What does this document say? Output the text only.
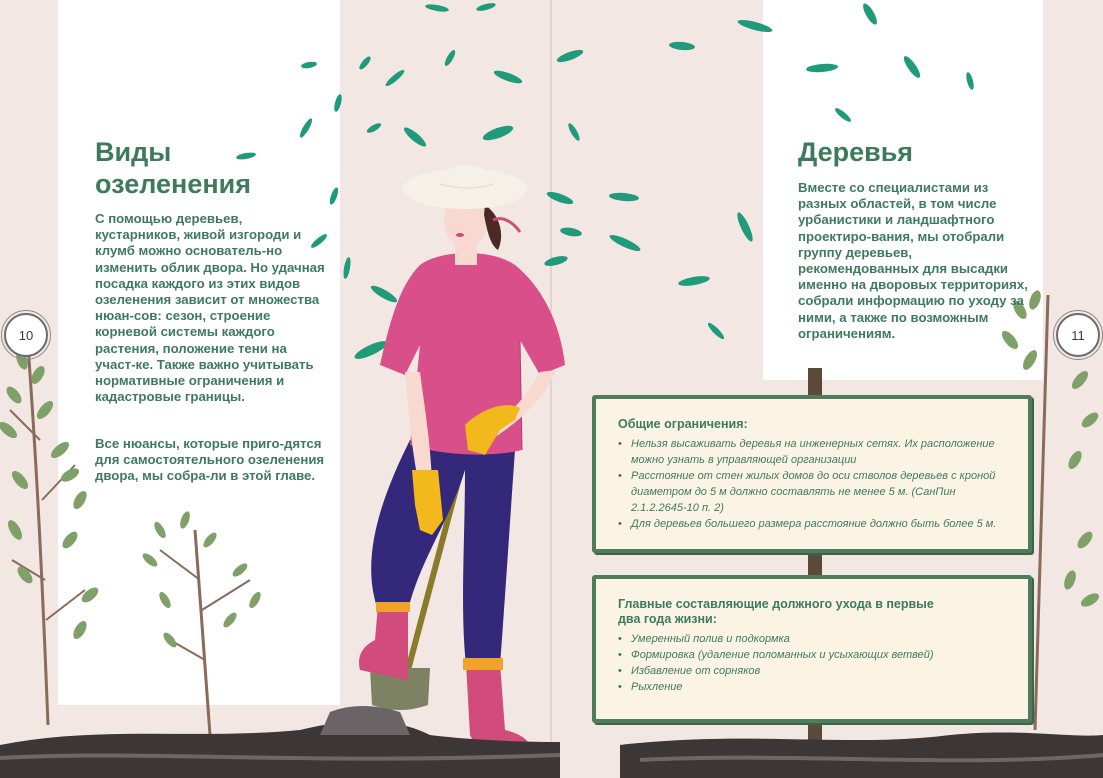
Виды
озеленения

С помощью деревьев, кустарников, живой изгороди и клумб можно основатель-но изменить облик двора. Но удачная посадка каждого из этих видов озеленения зависит от множества нюан-сов: сезон, строение корневой системы каждого растения, положение тени на участ-ке. Также важно учитывать нормативные ограничения и кадастровые границы.

Все нюансы, которые приго-дятся для самостоятельного озеленения двора, мы собра-ли в этой главе.

10
Деревья

Вместе со специалистами из разных областей, в том числе урбанистики и ландшафтного проектиро-вания, мы отобрали группу деревьев, рекомендованных для высадки именно на дворовых территориях, собрали информацию по уходу за ними, а также по возможным ограничениям.	11

Общие ограничения:

• Нельзя высаживать деревья на инженерных сетях. Их расположение можно узнать в управляющей организации
• Расстояние от стен жилых домов до оси стволов деревьев с кроной диаметром до 5 м должно составлять не менее 5 м. (СанПин 2.1.2.2645-10 п. 2)
• Для деревьев большего размера расстояние должно быть более 5 м.

Главные составляющие должного ухода в первые два года жизни:

• Умеренный полив и подкормка
• Формировка (удаление поломанных и усыхающих ветвей)
• Избавление от сорняков
• Рыхление
